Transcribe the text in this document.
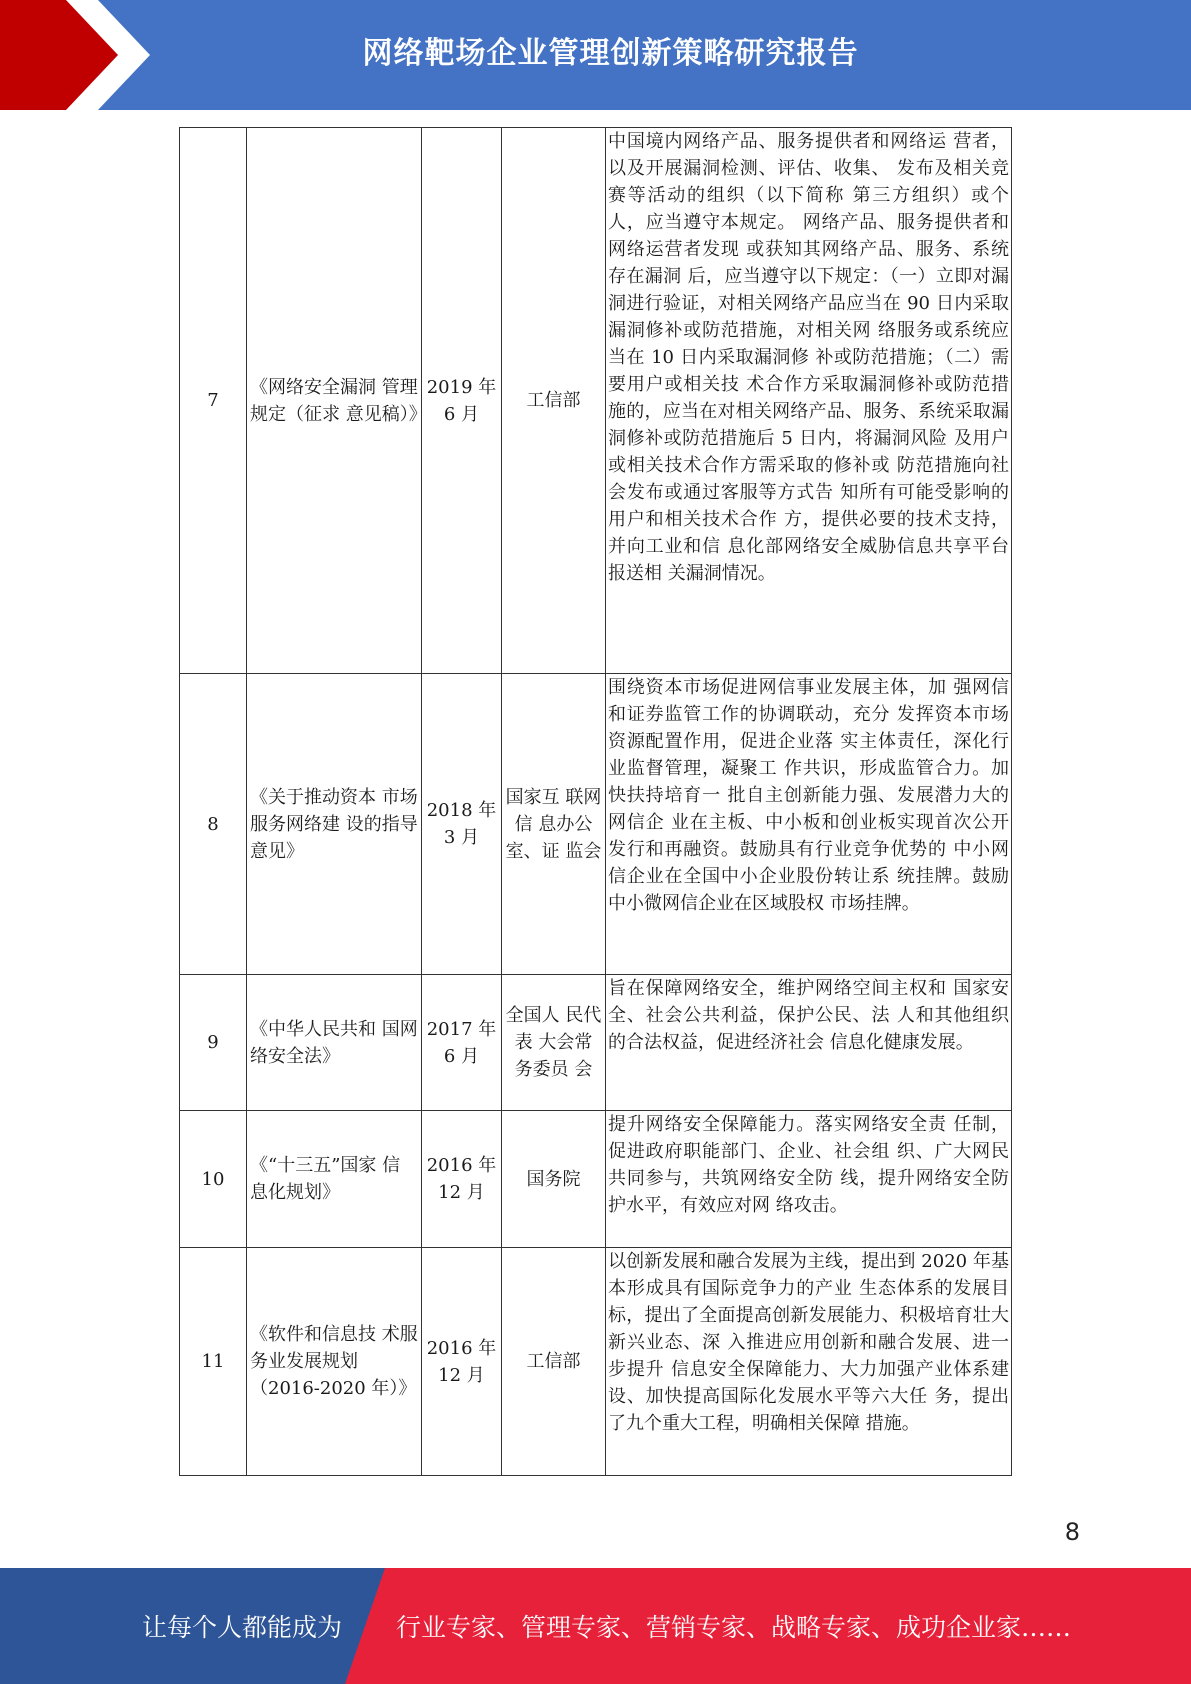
网络靶场企业管理创新策略研究报告
7	《网络安全漏洞 管理规定（征求 意见稿）》	2019 年 6 月	工信部	中国境内网络产品、服务提供者和网络运 营者，以及开展漏洞检测、评估、收集、 发布及相关竞赛等活动的组织（以下简称 第三方组织）或个人，应当遵守本规定。 网络产品、服务提供者和网络运营者发现 或获知其网络产品、服务、系统存在漏洞 后，应当遵守以下规定：（一）立即对漏 洞进行验证，对相关网络产品应当在 90 日内采取漏洞修补或防范措施，对相关网 络服务或系统应当在 10 日内采取漏洞修 补或防范措施；（二）需要用户或相关技 术合作方采取漏洞修补或防范措施的，应当在对相关网络产品、服务、系统采取漏 洞修补或防范措施后 5 日内，将漏洞风险 及用户或相关技术合作方需采取的修补或 防范措施向社会发布或通过客服等方式告 知所有可能受影响的用户和相关技术合作 方，提供必要的技术支持，并向工业和信 息化部网络安全威胁信息共享平台报送相 关漏洞情况。
8	《关于推动资本 市场服务网络建 设的指导意见》	2018 年 3 月	国家互 联网信 息办公 室、证 监会	围绕资本市场促进网信事业发展主体，加 强网信和证券监管工作的协调联动，充分 发挥资本市场资源配置作用，促进企业落 实主体责任，深化行业监督管理，凝聚工 作共识，形成监管合力。加快扶持培育一 批自主创新能力强、发展潜力大的网信企 业在主板、中小板和创业板实现首次公开 发行和再融资。鼓励具有行业竞争优势的 中小网信企业在全国中小企业股份转让系 统挂牌。鼓励中小微网信企业在区域股权 市场挂牌。
9	《中华人民共和 国网络安全法》	2017 年 6 月	全国人 民代表 大会常 务委员 会	旨在保障网络安全，维护网络空间主权和 国家安全、社会公共利益，保护公民、法 人和其他组织的合法权益，促进经济社会 信息化健康发展。
10	《“十三五”国家 信息化规划》	2016 年 12 月	国务院	提升网络安全保障能力。落实网络安全责 任制，促进政府职能部门、企业、社会组 织、广大网民共同参与，共筑网络安全防 线，提升网络安全防护水平，有效应对网 络攻击。
11	《软件和信息技 术服务业发展规划（2016-2020 年）》	2016 年 12 月	工信部	以创新发展和融合发展为主线，提出到 2020 年基本形成具有国际竞争力的产业 生态体系的发展目标，提出了全面提高创新发展能力、积极培育壮大新兴业态、深 入推进应用创新和融合发展、进一步提升 信息安全保障能力、大力加强产业体系建 设、加快提高国际化发展水平等六大任 务，提出了九个重大工程，明确相关保障 措施。
8
让每个人都能成为 行业专家、管理专家、营销专家、战略专家、成功企业家……
